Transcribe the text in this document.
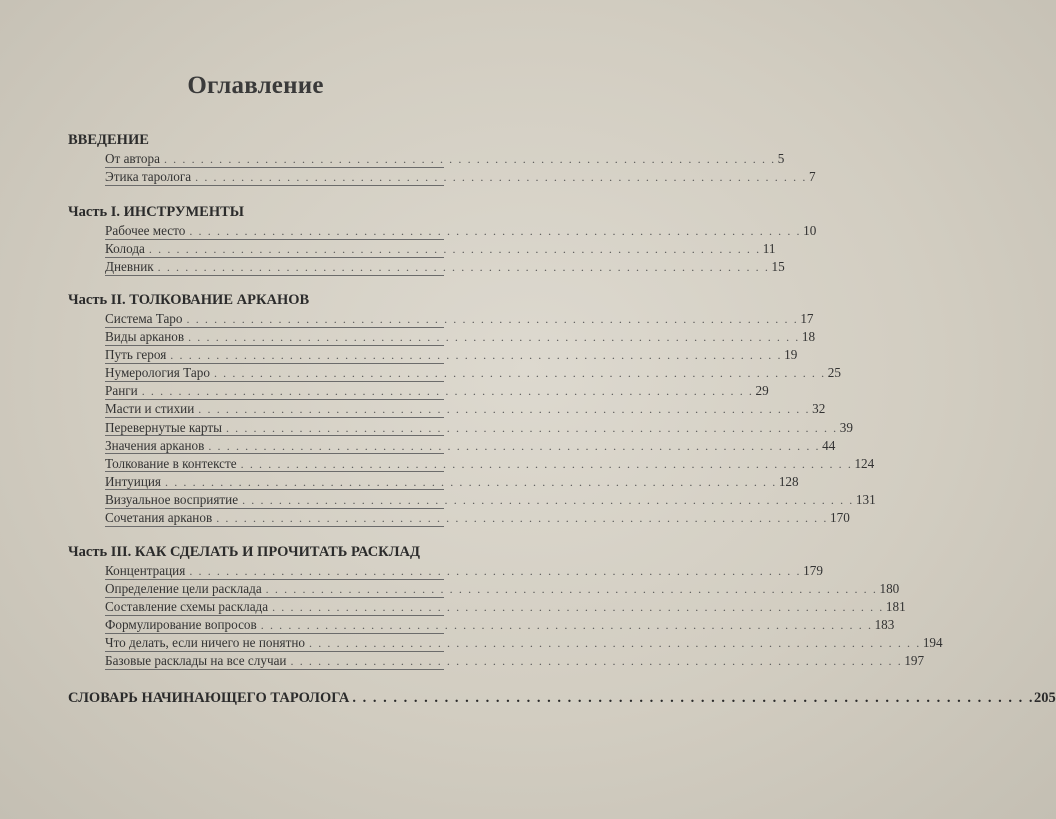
Оглавление
ВВЕДЕНИЕ
От автора . . . . . . . . . . . . . . . . . . . . . . . . . . . . . . . . . . . . . . . . . . . . . . . . . . . . . . . . . . . . . . . . . . . 5
Этика таролога . . . . . . . . . . . . . . . . . . . . . . . . . . . . . . . . . . . . . . . . . . . . . . . . . . . . . . . . . . . . . . . . . . . 7
Часть I. ИНСТРУМЕНТЫ
Рабочее место . . . . . . . . . . . . . . . . . . . . . . . . . . . . . . . . . . . . . . . . . . . . . . . . . . . . . . . . . . . . . . . . . . . 10
Колода . . . . . . . . . . . . . . . . . . . . . . . . . . . . . . . . . . . . . . . . . . . . . . . . . . . . . . . . . . . . . . . . . . . 11
Дневник . . . . . . . . . . . . . . . . . . . . . . . . . . . . . . . . . . . . . . . . . . . . . . . . . . . . . . . . . . . . . . . . . . . 15
Часть II. ТОЛКОВАНИЕ АРКАНОВ
Система Таро . . . . . . . . . . . . . . . . . . . . . . . . . . . . . . . . . . . . . . . . . . . . . . . . . . . . . . . . . . . . . . . . . . . 17
Виды арканов . . . . . . . . . . . . . . . . . . . . . . . . . . . . . . . . . . . . . . . . . . . . . . . . . . . . . . . . . . . . . . . . . . . 18
Путь героя . . . . . . . . . . . . . . . . . . . . . . . . . . . . . . . . . . . . . . . . . . . . . . . . . . . . . . . . . . . . . . . . . . . 19
Нумерология Таро . . . . . . . . . . . . . . . . . . . . . . . . . . . . . . . . . . . . . . . . . . . . . . . . . . . . . . . . . . . . . . . . . . . 25
Ранги . . . . . . . . . . . . . . . . . . . . . . . . . . . . . . . . . . . . . . . . . . . . . . . . . . . . . . . . . . . . . . . . . . . 29
Масти и стихии . . . . . . . . . . . . . . . . . . . . . . . . . . . . . . . . . . . . . . . . . . . . . . . . . . . . . . . . . . . . . . . . . . . 32
Перевернутые карты . . . . . . . . . . . . . . . . . . . . . . . . . . . . . . . . . . . . . . . . . . . . . . . . . . . . . . . . . . . . . . . . . . . 39
Значения арканов . . . . . . . . . . . . . . . . . . . . . . . . . . . . . . . . . . . . . . . . . . . . . . . . . . . . . . . . . . . . . . . . . . . 44
Толкование в контексте . . . . . . . . . . . . . . . . . . . . . . . . . . . . . . . . . . . . . . . . . . . . . . . . . . . . . . . . . . . . . . . . . . . 124
Интуиция . . . . . . . . . . . . . . . . . . . . . . . . . . . . . . . . . . . . . . . . . . . . . . . . . . . . . . . . . . . . . . . . . . . 128
Визуальное восприятие . . . . . . . . . . . . . . . . . . . . . . . . . . . . . . . . . . . . . . . . . . . . . . . . . . . . . . . . . . . . . . . . . . . 131
Сочетания арканов . . . . . . . . . . . . . . . . . . . . . . . . . . . . . . . . . . . . . . . . . . . . . . . . . . . . . . . . . . . . . . . . . . . 170
Часть III. КАК СДЕЛАТЬ И ПРОЧИТАТЬ РАСКЛАД
Концентрация . . . . . . . . . . . . . . . . . . . . . . . . . . . . . . . . . . . . . . . . . . . . . . . . . . . . . . . . . . . . . . . . . . . 179
Определение цели расклада . . . . . . . . . . . . . . . . . . . . . . . . . . . . . . . . . . . . . . . . . . . . . . . . . . . . . . . . . . . . . . . . . . . 180
Составление схемы расклада . . . . . . . . . . . . . . . . . . . . . . . . . . . . . . . . . . . . . . . . . . . . . . . . . . . . . . . . . . . . . . . . . . . 181
Формулирование вопросов . . . . . . . . . . . . . . . . . . . . . . . . . . . . . . . . . . . . . . . . . . . . . . . . . . . . . . . . . . . . . . . . . . . 183
Что делать, если ничего не понятно . . . . . . . . . . . . . . . . . . . . . . . . . . . . . . . . . . . . . . . . . . . . . . . . . . . . . . . . . . . . . . . . . . . 194
Базовые расклады на все случаи . . . . . . . . . . . . . . . . . . . . . . . . . . . . . . . . . . . . . . . . . . . . . . . . . . . . . . . . . . . . . . . . . . . 197
СЛОВАРЬ НАЧИНАЮЩЕГО ТАРОЛОГА . . . . . . . . . . . . . . . . . . . . . . . . . . . . . . . . . . . . . . . . . . . . . . . . . . . . . . . . . . . . . . . . . . . 205
